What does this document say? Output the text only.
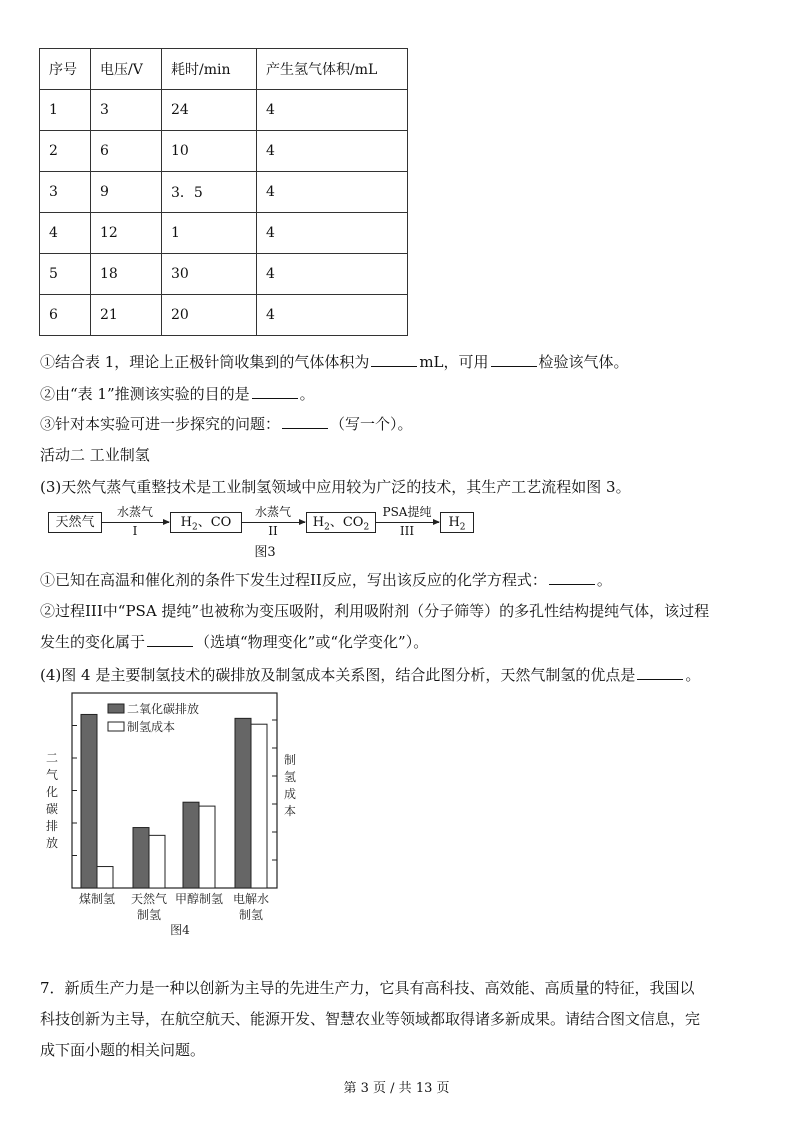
序号	电压/V	耗时/min	产生氢气体积/mL
1	3	24	4
2	6	10	4
3	9	3．5	4
4	12	1	4
5	18	30	4
6	21	20	4
①结合表 1，理论上正极针筒收集到的气体体积为	mL，可用	检验该气体。
②由“表 1”推测该实验的目的是	。
③针对本实验可进一步探究的问题：	（写一个）。
活动二 工业制氢
(3)天然气蒸气重整技术是工业制氢领域中应用较为广泛的技术，其生产工艺流程如图 3。
天然气
水蒸气
I
$H_2$、CO
水蒸气
II
$H_2$、$CO_2$
PSA提纯
III
$H_2$
图3
①已知在高温和催化剂的条件下发生过程II反应，写出该反应的化学方程式：	。
②过程III中“PSA 提纯”也被称为变压吸附，利用吸附剂（分子筛等）的多孔性结构提纯气体，该过程
发生的变化属于	（选填“物理变化”或“化学变化”）。
(4)图 4 是主要制氢技术的碳排放及制氢成本关系图，结合此图分析，天然气制氢的优点是	。
煤制氢 天然气
制氢
甲醇制氢 电解水
制氢
二氧化碳排放
制氢成本
二
气
化
碳
排
放
制
氢
成
本
图4
7．新质生产力是一种以创新为主导的先进生产力，它具有高科技、高效能、高质量的特征，我国以
科技创新为主导，在航空航天、能源开发、智慧农业等领域都取得诸多新成果。请结合图文信息，完
成下面小题的相关问题。
第 3 页 / 共 13 页
